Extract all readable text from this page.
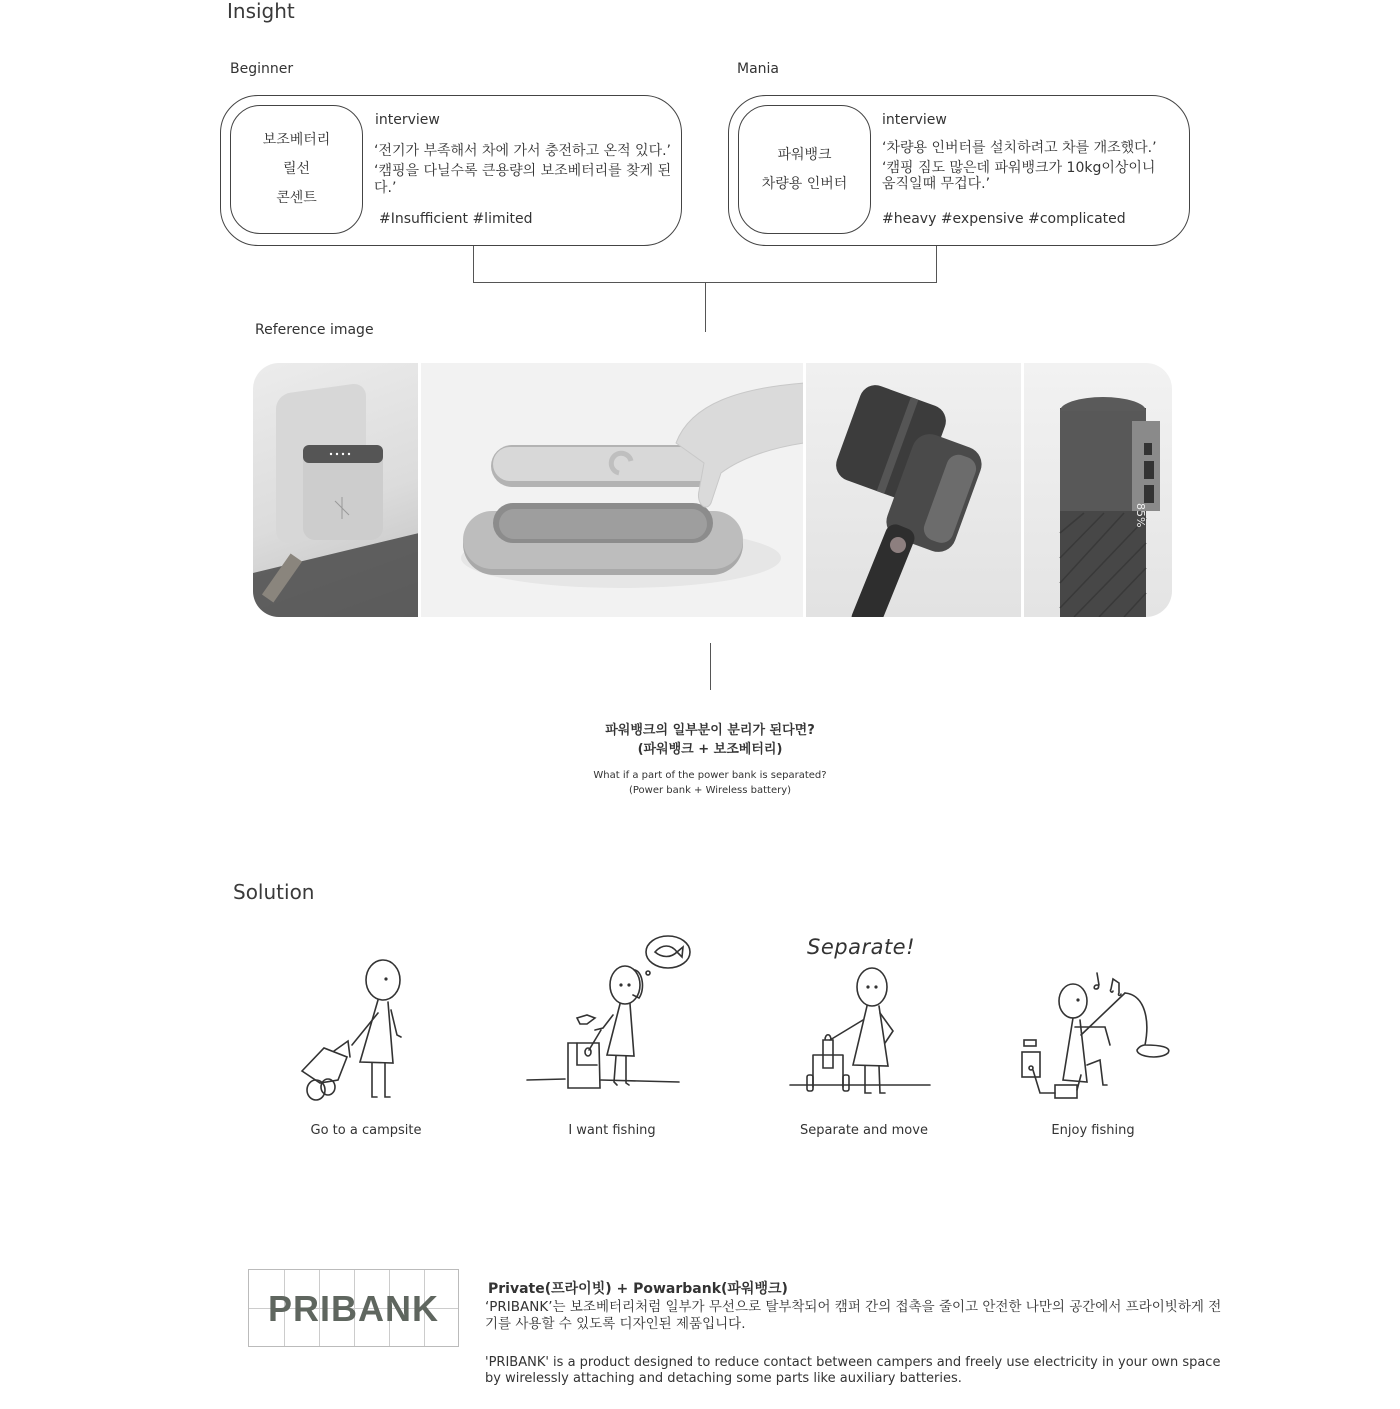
Insight
Beginner	Mania
보조베터리
릴선
콘센트
interview
‘전기가 부족해서 차에 가서 충전하고 온적 있다.’
‘캠핑을 다닐수록 큰용량의 보조베터리를 찾게 된다.’
#Insufficient #limited
파워뱅크
차량용 인버터
interview
‘차량용 인버터를 설치하려고 차를 개조했다.’
‘캠핑 짐도 많은데 파워뱅크가 10kg이상이니
움직일때 무겁다.’
#heavy #expensive #complicated
Reference image
85%
파워뱅크의 일부분이 분리가 된다면?
(파워뱅크 + 보조베터리)
What if a part of the power bank is separated?
(Power bank + Wireless battery)
Solution
Go to a campsite	I want fishing
Separate!
Separate and move	Enjoy fishing
PRIBANK	Private(프라이빗) + Powarbank(파워뱅크)
‘PRIBANK’는 보조베터리처럼 일부가 무선으로 탈부착되어 캠퍼 간의 접촉을 줄이고 안전한 나만의 공간에서 프라이빗하게 전기를 사용할 수 있도록 디자인된 제품입니다.
'PRIBANK' is a product designed to reduce contact between campers and freely use electricity in your own space by wirelessly attaching and detaching some parts like auxiliary batteries.
